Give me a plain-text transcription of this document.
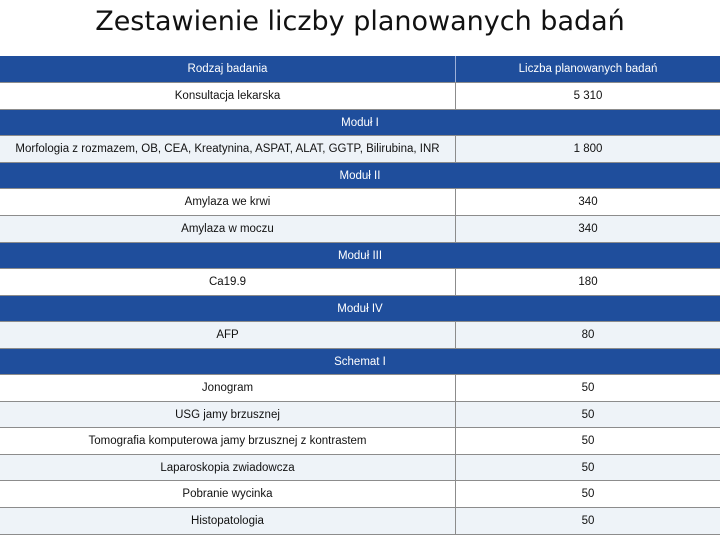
Zestawienie liczby planowanych badań
Rodzaj badania	Liczba planowanych badań
Konsultacja lekarska	5 310
Moduł I
Morfologia z rozmazem, OB, CEA, Kreatynina, ASPAT, ALAT, GGTP, Bilirubina, INR	1 800
Moduł II
Amylaza we krwi	340
Amylaza w moczu	340
Moduł III
Ca19.9	180
Moduł IV
AFP	80
Schemat I
Jonogram	50
USG jamy brzusznej	50
Tomografia komputerowa jamy brzusznej z kontrastem	50
Laparoskopia zwiadowcza	50
Pobranie wycinka	50
Histopatologia	50
